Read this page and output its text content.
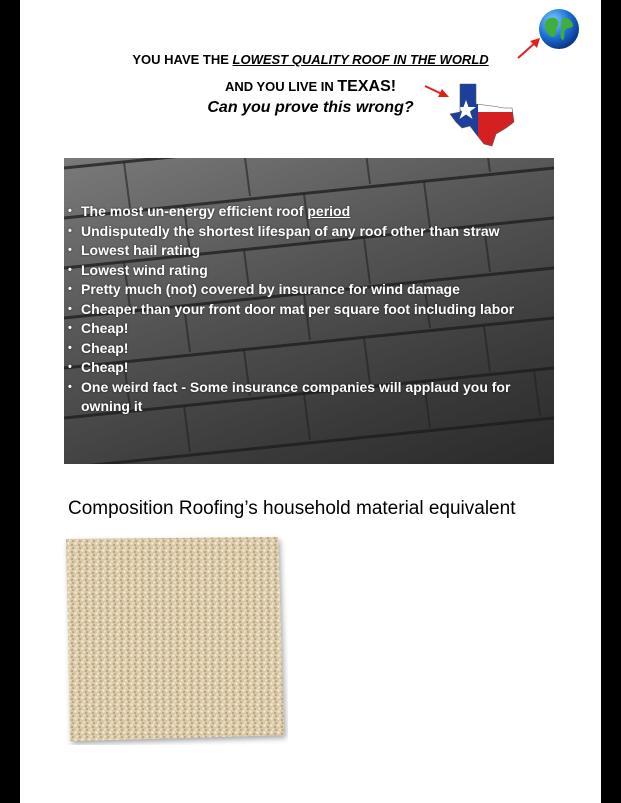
YOU HAVE THE LOWEST QUALITY ROOF IN THE WORLD
AND YOU LIVE IN TEXAS!
Can you prove this wrong?
• The most un-energy efficient roof period
• Undisputedly the shortest lifespan of any roof other than straw
• Lowest hail rating
• Lowest wind rating
• Pretty much (not) covered by insurance for wind damage
• Cheaper than your front door mat per square foot including labor
• Cheap!
• Cheap!
• Cheap!
• One weird fact - Some insurance companies will applaud you for owning it
Composition Roofing’s household material equivalent
